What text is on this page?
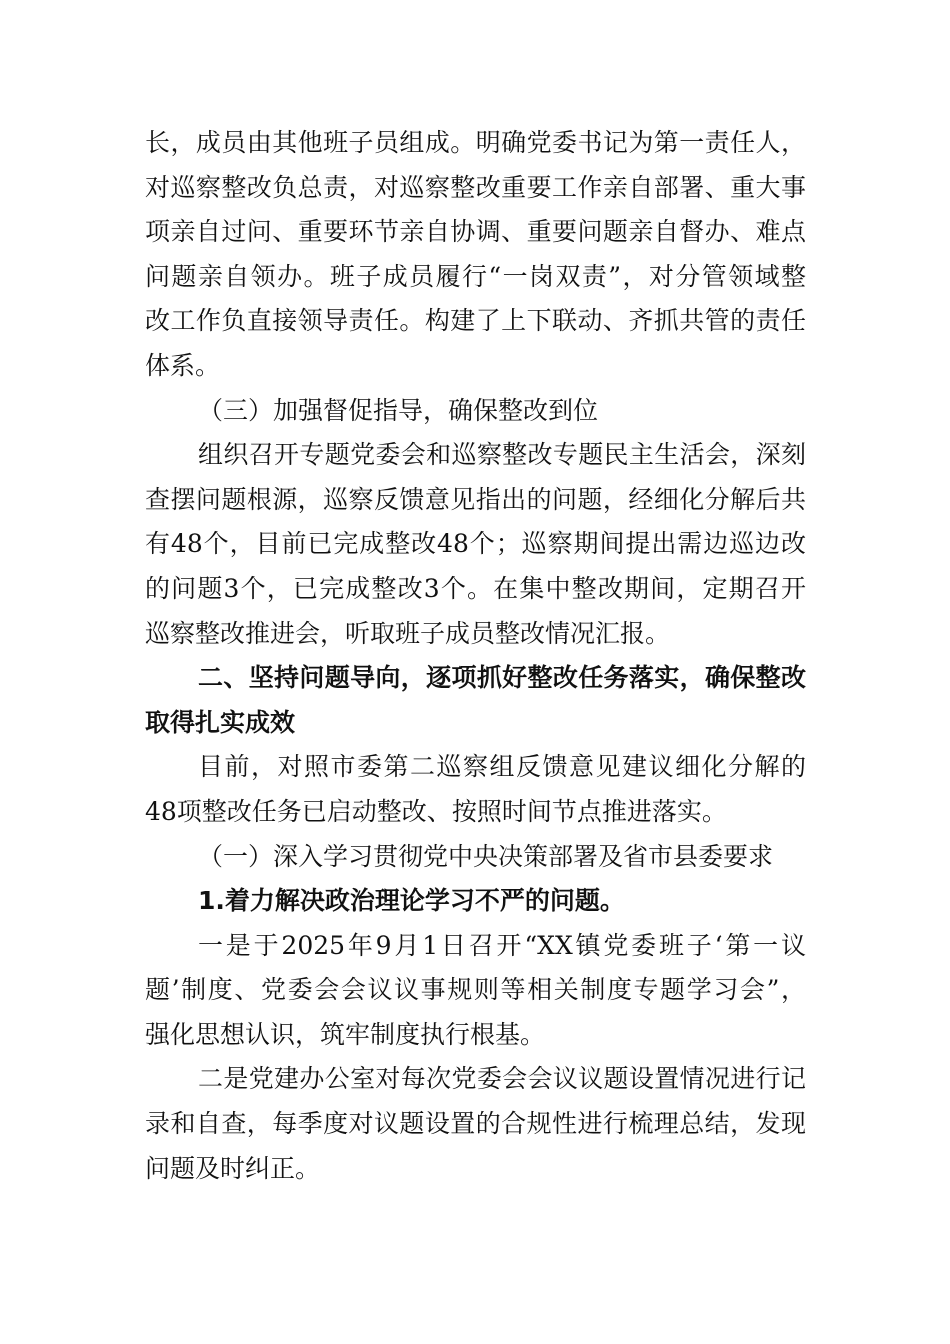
长，成员由其他班子员组成。明确党委书记为第一责任人，
对巡察整改负总责，对巡察整改重要工作亲自部署、重大事
项亲自过问、重要环节亲自协调、重要问题亲自督办、难点
问题亲自领办。班子成员履行“一岗双责”，对分管领域整
改工作负直接领导责任。构建了上下联动、齐抓共管的责任
体系。
（三）加强督促指导，确保整改到位
组织召开专题党委会和巡察整改专题民主生活会，深刻
查摆问题根源，巡察反馈意见指出的问题，经细化分解后共
有48个，目前已完成整改48个；巡察期间提出需边巡边改
的问题3个，已完成整改3个。在集中整改期间，定期召开
巡察整改推进会，听取班子成员整改情况汇报。
二、坚持问题导向，逐项抓好整改任务落实，确保整改
取得扎实成效
目前，对照市委第二巡察组反馈意见建议细化分解的
48项整改任务已启动整改、按照时间节点推进落实。
（一）深入学习贯彻党中央决策部署及省市县委要求
1.着力解决政治理论学习不严的问题。
一是于2025年9月1日召开“XX镇党委班子‘第一议
题’制度、党委会会议议事规则等相关制度专题学习会”，
强化思想认识，筑牢制度执行根基。
二是党建办公室对每次党委会会议议题设置情况进行记
录和自查，每季度对议题设置的合规性进行梳理总结，发现
问题及时纠正。
